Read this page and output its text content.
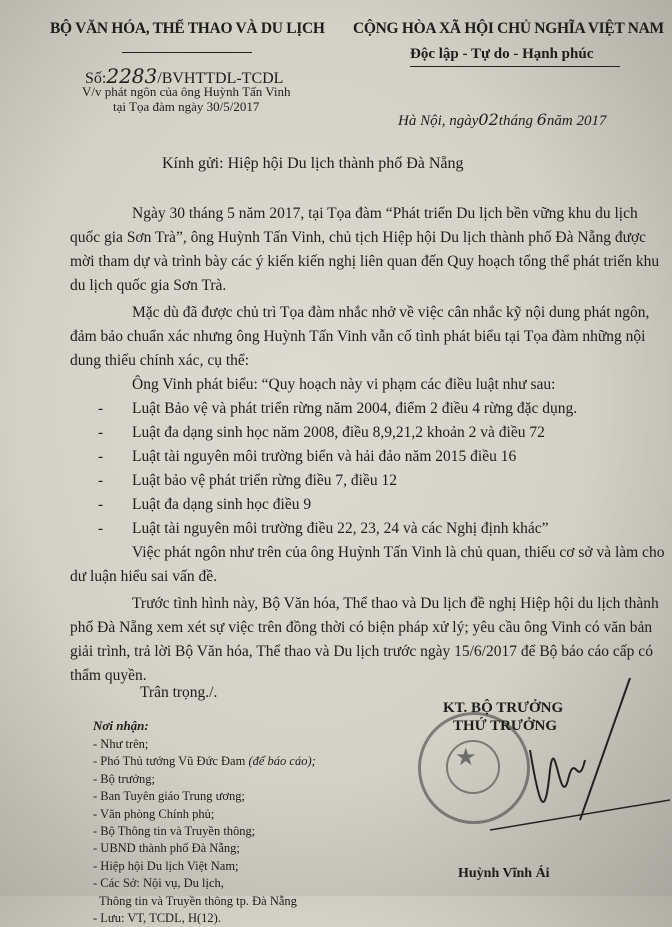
BỘ VĂN HÓA, THỂ THAO VÀ DU LỊCH CỘNG HÒA XÃ HỘI CHỦ NGHĨA VIỆT NAM
Độc lập - Tự do - Hạnh phúc
Số:2283/BVHTTDL-TCDL
V/v phát ngôn của ông Huỳnh Tấn Vinh
tại Tọa đàm ngày 30/5/2017
Hà Nội, ngày02tháng 6năm 2017
Kính gửi: Hiệp hội Du lịch thành phố Đà Nẵng
Ngày 30 tháng 5 năm 2017, tại Tọa đàm “Phát triển Du lịch bền vững khu du lịch quốc gia Sơn Trà”, ông Huỳnh Tấn Vinh, chủ tịch Hiệp hội Du lịch thành phố Đà Nẵng được mời tham dự và trình bày các ý kiến kiến nghị liên quan đến Quy hoạch tổng thể phát triển khu du lịch quốc gia Sơn Trà.
Mặc dù đã được chủ trì Tọa đàm nhắc nhở về việc cân nhắc kỹ nội dung phát ngôn, đảm bảo chuẩn xác nhưng ông Huỳnh Tấn Vinh vẫn cố tình phát biểu tại Tọa đàm những nội dung thiếu chính xác, cụ thể:
Ông Vinh phát biểu: “Quy hoạch này vi phạm các điều luật như sau:
-	Luật Bảo vệ và phát triển rừng năm 2004, điểm 2 điều 4 rừng đặc dụng.
-	Luật đa dạng sinh học năm 2008, điều 8,9,21,2 khoản 2 và điều 72
-	Luật tài nguyên môi trường biển và hải đảo năm 2015 điều 16
-	Luật bảo vệ phát triển rừng điều 7, điều 12
-	Luật đa dạng sinh học điều 9
-	Luật tài nguyên môi trường điều 22, 23, 24 và các Nghị định khác”
Việc phát ngôn như trên của ông Huỳnh Tấn Vinh là chủ quan, thiếu cơ sở và làm cho dư luận hiểu sai vấn đề.
Trước tình hình này, Bộ Văn hóa, Thể thao và Du lịch đề nghị Hiệp hội du lịch thành phố Đà Nẵng xem xét sự việc trên đồng thời có biện pháp xử lý; yêu cầu ông Vinh có văn bản giải trình, trả lời Bộ Văn hóa, Thể thao và Du lịch trước ngày 15/6/2017 để Bộ báo cáo cấp có thẩm quyền.
Trân trọng./.
Nơi nhận:
- Như trên;
- Phó Thủ tướng Vũ Đức Đam (để báo cáo);
- Bộ trưởng;
- Ban Tuyên giáo Trung ương;
- Văn phòng Chính phủ;
- Bộ Thông tin và Truyền thông;
- UBND thành phố Đà Nẵng;
- Hiệp hội Du lịch Việt Nam;
- Các Sở: Nội vụ, Du lịch,
Thông tin và Truyền thông tp. Đà Nẵng
- Lưu: VT, TCDL, H(12).
★
KT. BỘ TRƯỞNG
THỨ TRƯỞNG
Huỳnh Vĩnh Ái
